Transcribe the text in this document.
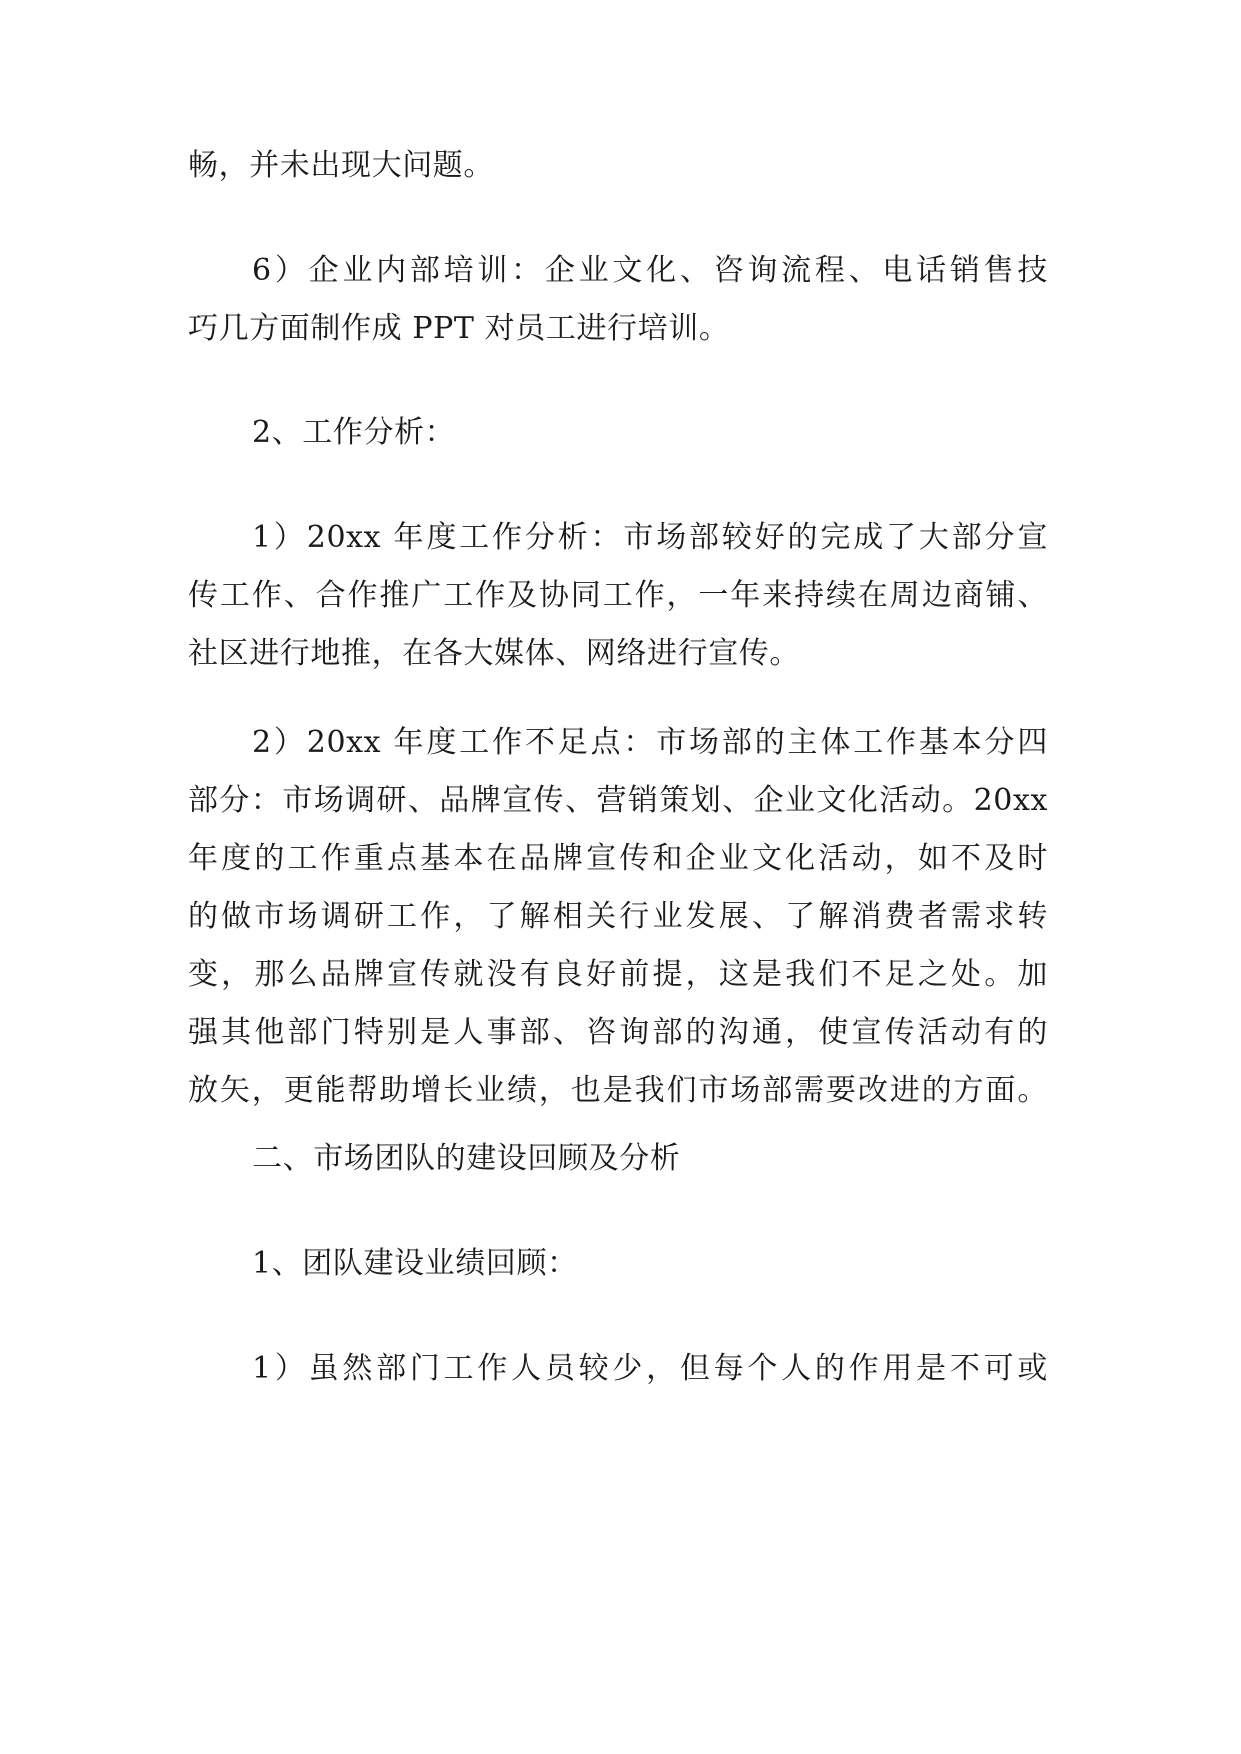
畅，并未出现大问题。
6）企业内部培训：企业文化、咨询流程、电话销售技
巧几方面制作成 PPT 对员工进行培训。
2、工作分析：
1）20xx 年度工作分析：市场部较好的完成了大部分宣
传工作、合作推广工作及协同工作，一年来持续在周边商铺、
社区进行地推，在各大媒体、网络进行宣传。
2）20xx 年度工作不足点：市场部的主体工作基本分四
部分：市场调研、品牌宣传、营销策划、企业文化活动。20xx
年度的工作重点基本在品牌宣传和企业文化活动，如不及时
的做市场调研工作，了解相关行业发展、了解消费者需求转
变，那么品牌宣传就没有良好前提，这是我们不足之处。加
强其他部门特别是人事部、咨询部的沟通，使宣传活动有的
放矢，更能帮助增长业绩，也是我们市场部需要改进的方面。
二、市场团队的建设回顾及分析
1、团队建设业绩回顾：
1）虽然部门工作人员较少，但每个人的作用是不可或
